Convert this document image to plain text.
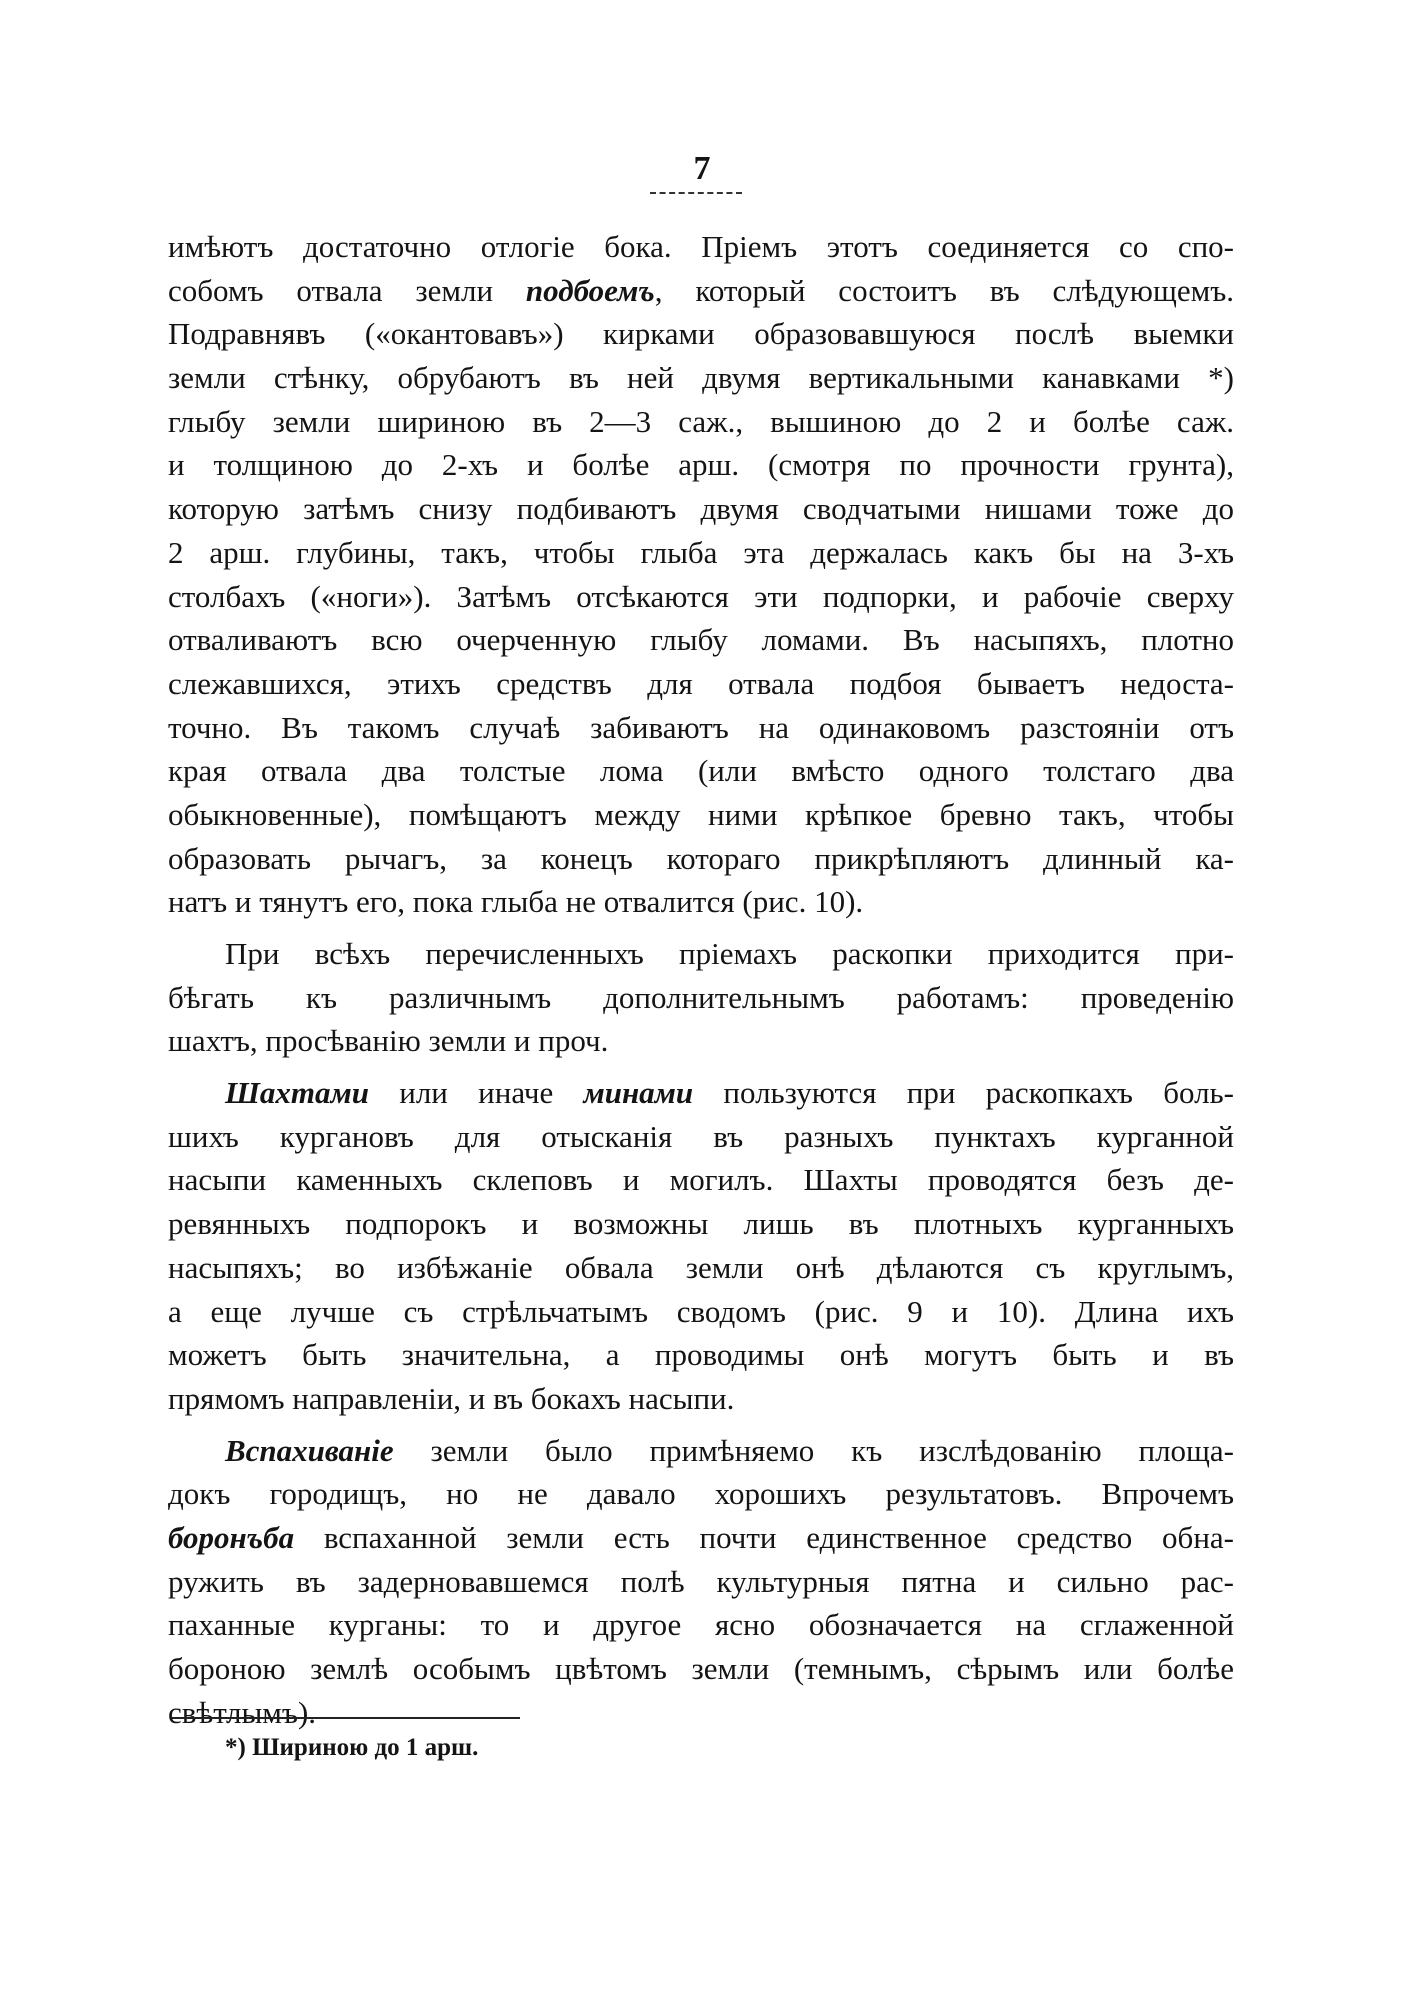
7
имѣютъ достаточно отлогіе бока. Пріемъ этотъ соединяется со спо-
собомъ отвала земли подбоемъ, который состоитъ въ слѣдующемъ.
Подравнявъ («окантовавъ») кирками образовавшуюся послѣ выемки
земли стѣнку, обрубаютъ въ ней двумя вертикальными канавками *)
глыбу земли шириною въ 2—3 саж., вышиною до 2 и болѣе саж.
и толщиною до 2-хъ и болѣе арш. (смотря по прочности грунта),
которую затѣмъ снизу подбиваютъ двумя сводчатыми нишами тоже до
2 арш. глубины, такъ, чтобы глыба эта держалась какъ бы на 3-хъ
столбахъ («ноги»). Затѣмъ отсѣкаются эти подпорки, и рабочіе сверху
отваливаютъ всю очерченную глыбу ломами. Въ насыпяхъ, плотно
слежавшихся, этихъ средствъ для отвала подбоя бываетъ недоста-
точно. Въ такомъ случаѣ забиваютъ на одинаковомъ разстояніи отъ
края отвала два толстые лома (или вмѣсто одного толстаго два
обыкновенные), помѣщаютъ между ними крѣпкое бревно такъ, чтобы
образовать рычагъ, за конецъ котораго прикрѣпляютъ длинный ка-
натъ и тянутъ его, пока глыба не отвалится (рис. 10).
При всѣхъ перечисленныхъ пріемахъ раскопки приходится при-
бѣгать къ различнымъ дополнительнымъ работамъ: проведенію
шахтъ, просѣванію земли и проч.
Шахтами или иначе минами пользуются при раскопкахъ боль-
шихъ кургановъ для отысканія въ разныхъ пунктахъ курганной
насыпи каменныхъ склеповъ и могилъ. Шахты проводятся безъ де-
ревянныхъ подпорокъ и возможны лишь въ плотныхъ курганныхъ
насыпяхъ; во избѣжаніе обвала земли онѣ дѣлаются съ круглымъ,
а еще лучше съ стрѣльчатымъ сводомъ (рис. 9 и 10). Длина ихъ
можетъ быть значительна, а проводимы онѣ могутъ быть и въ
прямомъ направленіи, и въ бокахъ насыпи.
Вспахиваніе земли было примѣняемо къ изслѣдованію площа-
докъ городищъ, но не давало хорошихъ результатовъ. Впрочемъ
боронъба вспаханной земли есть почти единственное средство обна-
ружить въ задерновавшемся полѣ культурныя пятна и сильно рас-
паханные курганы: то и другое ясно обозначается на сглаженной
бороною землѣ особымъ цвѣтомъ земли (темнымъ, сѣрымъ или болѣе
свѣтлымъ).
*) Шириною до 1 арш.
